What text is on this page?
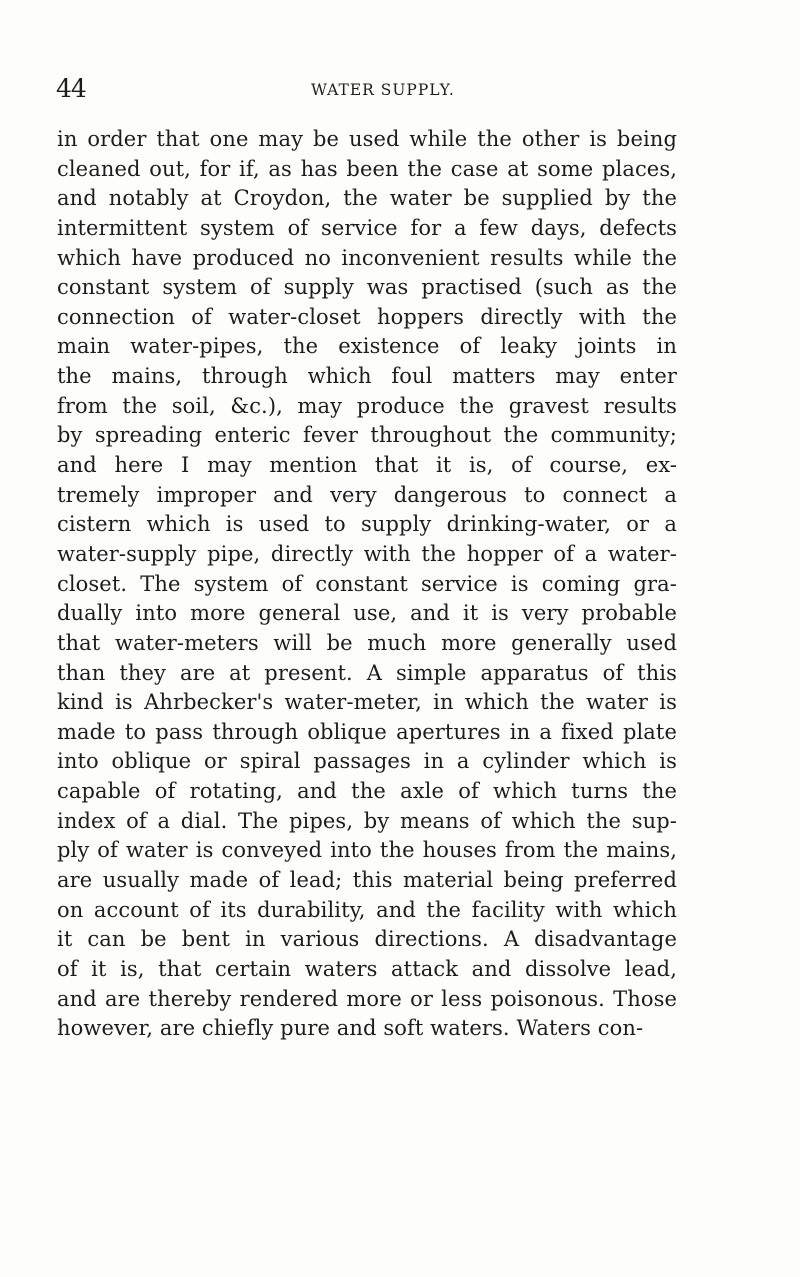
44	WATER SUPPLY.
in order that one may be used while the other is being
cleaned out, for if, as has been the case at some places,
and notably at Croydon, the water be supplied by the
intermittent system of service for a few days, defects
which have produced no inconvenient results while the
constant system of supply was practised (such as the
connection of water-closet hoppers directly with the
main water-pipes, the existence of leaky joints in
the mains, through which foul matters may enter
from the soil, &c.), may produce the gravest results
by spreading enteric fever throughout the community;
and here I may mention that it is, of course, ex-
tremely improper and very dangerous to connect a
cistern which is used to supply drinking-water, or a
water-supply pipe, directly with the hopper of a water-
closet. The system of constant service is coming gra-
dually into more general use, and it is very probable
that water-meters will be much more generally used
than they are at present. A simple apparatus of this
kind is Ahrbecker's water-meter, in which the water is
made to pass through oblique apertures in a fixed plate
into oblique or spiral passages in a cylinder which is
capable of rotating, and the axle of which turns the
index of a dial. The pipes, by means of which the sup-
ply of water is conveyed into the houses from the mains,
are usually made of lead; this material being preferred
on account of its durability, and the facility with which
it can be bent in various directions. A disadvantage
of it is, that certain waters attack and dissolve lead,
and are thereby rendered more or less poisonous. Those
however, are chiefly pure and soft waters. Waters con-
